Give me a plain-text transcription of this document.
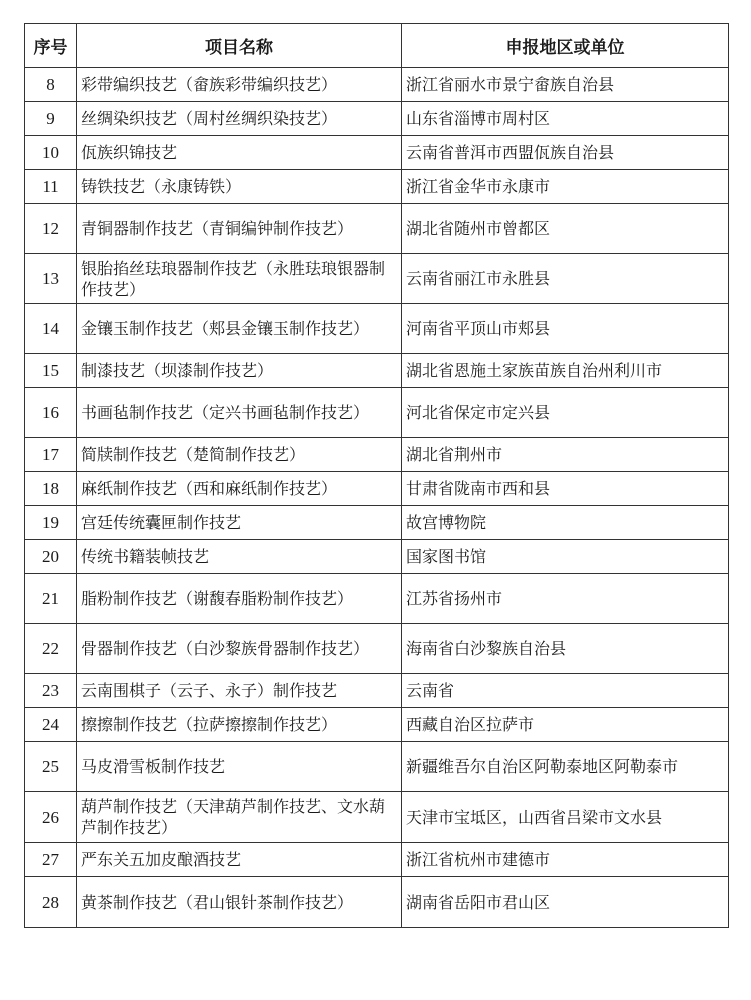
序号	项目名称	申报地区或单位
8	彩带编织技艺（畲族彩带编织技艺）	浙江省丽水市景宁畲族自治县
9	丝绸染织技艺（周村丝绸织染技艺）	山东省淄博市周村区
10	佤族织锦技艺	云南省普洱市西盟佤族自治县
11	铸铁技艺（永康铸铁）	浙江省金华市永康市
12	青铜器制作技艺（青铜编钟制作技艺）	湖北省随州市曾都区
13	银胎掐丝珐琅器制作技艺（永胜珐琅银器制作技艺）	云南省丽江市永胜县
14	金镶玉制作技艺（郏县金镶玉制作技艺）	河南省平顶山市郏县
15	制漆技艺（坝漆制作技艺）	湖北省恩施土家族苗族自治州利川市
16	书画毡制作技艺（定兴书画毡制作技艺）	河北省保定市定兴县
17	简牍制作技艺（楚简制作技艺）	湖北省荆州市
18	麻纸制作技艺（西和麻纸制作技艺）	甘肃省陇南市西和县
19	宫廷传统囊匣制作技艺	故宫博物院
20	传统书籍装帧技艺	国家图书馆
21	脂粉制作技艺（谢馥春脂粉制作技艺）	江苏省扬州市
22	骨器制作技艺（白沙黎族骨器制作技艺）	海南省白沙黎族自治县
23	云南围棋子（云子、永子）制作技艺	云南省
24	擦擦制作技艺（拉萨擦擦制作技艺）	西藏自治区拉萨市
25	马皮滑雪板制作技艺	新疆维吾尔自治区阿勒泰地区阿勒泰市
26	葫芦制作技艺（天津葫芦制作技艺、文水葫芦制作技艺）	天津市宝坻区，山西省吕梁市文水县
27	严东关五加皮酿酒技艺	浙江省杭州市建德市
28	黄茶制作技艺（君山银针茶制作技艺）	湖南省岳阳市君山区
